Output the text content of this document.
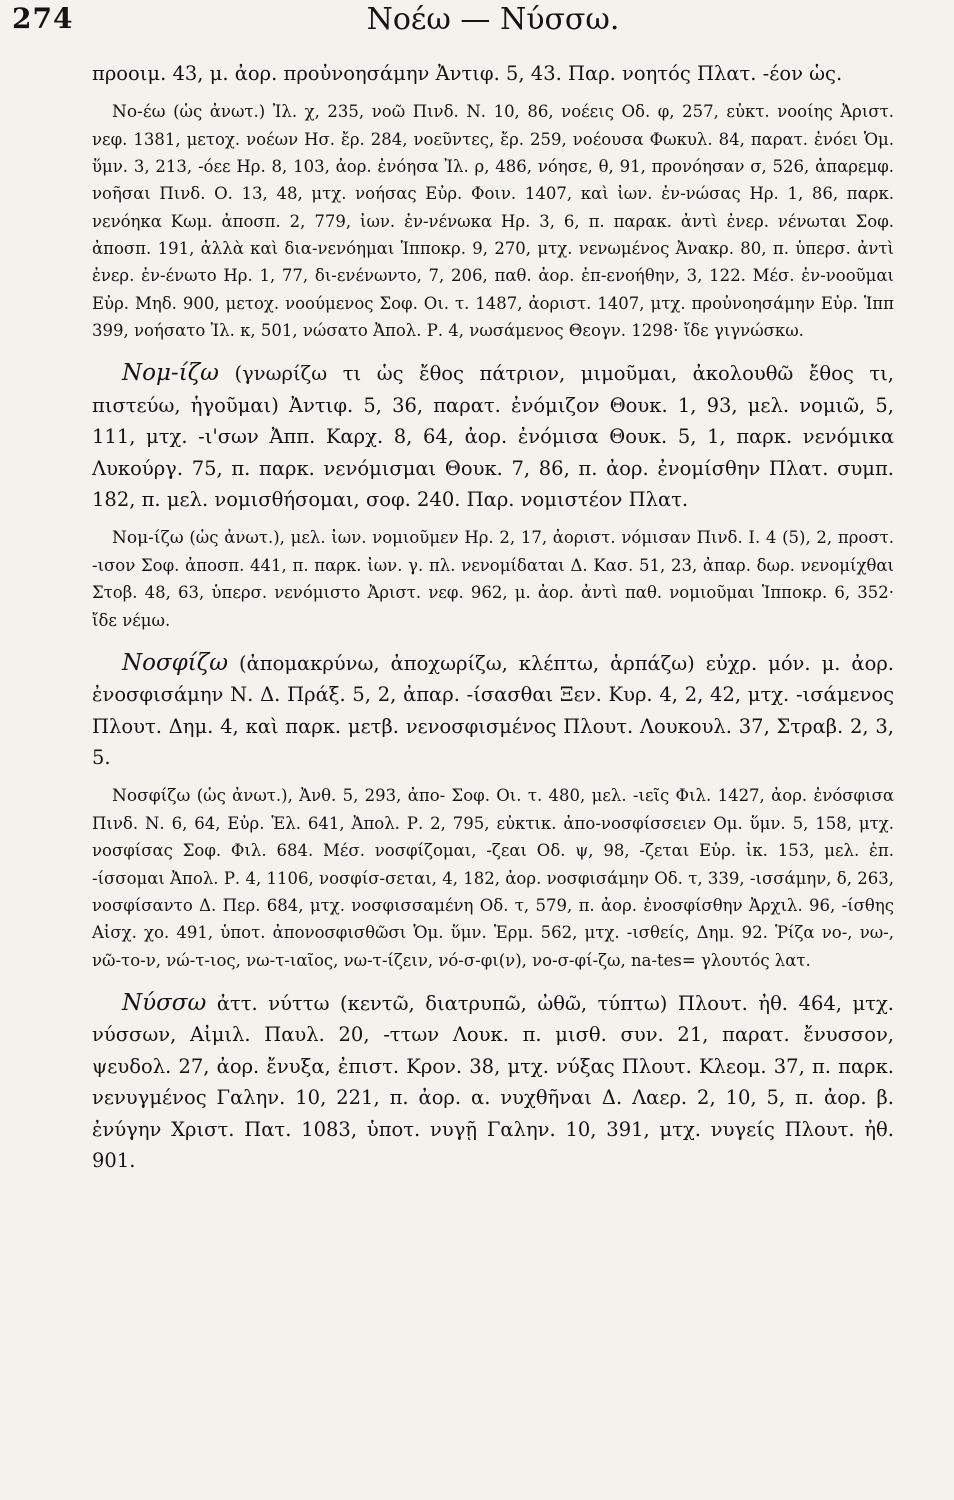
274	Νοέω — Νύσσω.

προοιμ. 43, μ. ἀορ. προὐνοησάμην Ἀντιφ. 5, 43. Παρ. νοητός Πλατ. -έον ὡς.

Νο-έω (ὡς ἀνωτ.) Ἰλ. χ, 235, νοῶ Πινδ. Ν. 10, 86, νοέεις Οδ. φ, 257, εὐκτ. νοοίης Ἀριστ. νεφ. 1381, μετοχ. νοέων Ησ. ἔρ. 284, νοεῦντες, ἔρ. 259, νοέουσα Φωκυλ. 84, παρατ. ἐνόει Ὁμ. ὕμν. 3, 213, -όεε Ηρ. 8, 103, ἀορ. ἐνόησα Ἰλ. ρ, 486, νόησε, θ, 91, προνόησαν σ, 526, ἀπαρεμφ. νοῆσαι Πινδ. Ο. 13, 48, μτχ. νοήσας Εὐρ. Φοιν. 1407, καὶ ἰων. ἐν-νώσας Ηρ. 1, 86, παρκ. νενόηκα Κωμ. ἀποσπ. 2, 779, ἰων. ἐν-νένωκα Ηρ. 3, 6, π. παρακ. ἀντὶ ἐνερ. νένωται Σοφ. ἀποσπ. 191, ἀλλὰ καὶ δια-νενόημαι Ἱπποκρ. 9, 270, μτχ. νενωμένος Ἀνακρ. 80, π. ὑπερσ. ἀντὶ ἐνερ. ἐν-ένωτο Ηρ. 1, 77, δι-ενένωντο, 7, 206, παθ. ἀορ. ἐπ-ενοήθην, 3, 122. Μέσ. ἐν-νοοῦμαι Εὐρ. Μηδ. 900, μετοχ. νοούμενος Σοφ. Οι. τ. 1487, ἀοριστ. 1407, μτχ. προὐνοησάμην Εὐρ. Ἱππ 399, νοήσατο Ἰλ. κ, 501, νώσατο Ἀπολ. Ρ. 4, νωσάμενος Θεογν. 1298· ἴδε γιγνώσκω.

Νομ-ίζω (γνωρίζω τι ὡς ἔθος πάτριον, μιμοῦμαι, ἀκολουθῶ ἔθος τι, πιστεύω, ἡγοῦμαι) Ἀντιφ. 5, 36, παρατ. ἐνόμιζον Θουκ. 1, 93, μελ. νομιῶ, 5, 111, μτχ. -ι'σων Ἀππ. Καρχ. 8, 64, ἀορ. ἐνόμισα Θουκ. 5, 1, παρκ. νενόμικα Λυκούργ. 75, π. παρκ. νενόμισμαι Θουκ. 7, 86, π. ἀορ. ἐνομίσθην Πλατ. συμπ. 182, π. μελ. νομισθήσομαι, σοφ. 240. Παρ. νομιστέον Πλατ.

Νομ-ίζω (ὡς ἀνωτ.), μελ. ἰων. νομιοῦμεν Ηρ. 2, 17, ἀοριστ. νόμισαν Πινδ. Ι. 4 (5), 2, προστ. -ισον Σοφ. ἀποσπ. 441, π. παρκ. ἰων. γ. πλ. νενομίδαται Δ. Κασ. 51, 23, ἀπαρ. δωρ. νενομίχθαι Στοβ. 48, 63, ὑπερσ. νενόμιστο Ἀριστ. νεφ. 962, μ. ἀορ. ἀντὶ παθ. νομιοῦμαι Ἱπποκρ. 6, 352· ἴδε νέμω.

Νοσφίζω (ἀπομακρύνω, ἀποχωρίζω, κλέπτω, ἁρπάζω) εὐχρ. μόν. μ. ἀορ. ἐνοσφισάμην Ν. Δ. Πράξ. 5, 2, ἀπαρ. -ίσασθαι Ξεν. Κυρ. 4, 2, 42, μτχ. -ισάμενος Πλουτ. Δημ. 4, καὶ παρκ. μετβ. νενοσφισμένος Πλουτ. Λουκουλ. 37, Στραβ. 2, 3, 5.

Νοσφίζω (ὡς ἀνωτ.), Ἀνθ. 5, 293, ἀπο- Σοφ. Οι. τ. 480, μελ. -ιεῖς Φιλ. 1427, ἀορ. ἐνόσφισα Πινδ. Ν. 6, 64, Εὐρ. Ἑλ. 641, Ἀπολ. Ρ. 2, 795, εὐκτικ. ἀπο-νοσφίσσειεν Ομ. ὕμν. 5, 158, μτχ. νοσφίσας Σοφ. Φιλ. 684. Μέσ. νοσφίζομαι, -ζεαι Οδ. ψ, 98, -ζεται Εὐρ. ἰκ. 153, μελ. ἐπ. -ίσσομαι Ἀπολ. Ρ. 4, 1106, νοσφίσ-σεται, 4, 182, ἀορ. νοσφισάμην Οδ. τ, 339, -ισσάμην, δ, 263, νοσφίσαντο Δ. Περ. 684, μτχ. νοσφισσαμένη Οδ. τ, 579, π. ἀορ. ἐνοσφίσθην Ἀρχιλ. 96, -ίσθης Αἰσχ. χο. 491, ὑποτ. ἀπονοσφισθῶσι Ὁμ. ὕμν. Ἑρμ. 562, μτχ. -ισθείς, Δημ. 92. Ῥίζα νο-, νω-, νῶ-το-ν, νώ-τ-ιος, νω-τ-ιαῖος, νω-τ-ίζειν, νό-σ-φι(ν), νο-σ-φί-ζω, na-tes= γλουτός λατ.

Νύσσω ἀττ. νύττω (κεντῶ, διατρυπῶ, ὠθῶ, τύπτω) Πλουτ. ἠθ. 464, μτχ. νύσσων, Αἰμιλ. Παυλ. 20, -ττων Λουκ. π. μισθ. συν. 21, παρατ. ἔνυσσον, ψευδολ. 27, ἀορ. ἔνυξα, ἐπιστ. Κρον. 38, μτχ. νύξας Πλουτ. Κλεομ. 37, π. παρκ. νενυγμένος Γαλην. 10, 221, π. ἀορ. α. νυχθῆναι Δ. Λαερ. 2, 10, 5, π. ἀορ. β. ἐνύγην Χριστ. Πατ. 1083, ὑποτ. νυγῇ Γαλην. 10, 391, μτχ. νυγείς Πλουτ. ἠθ. 901.
